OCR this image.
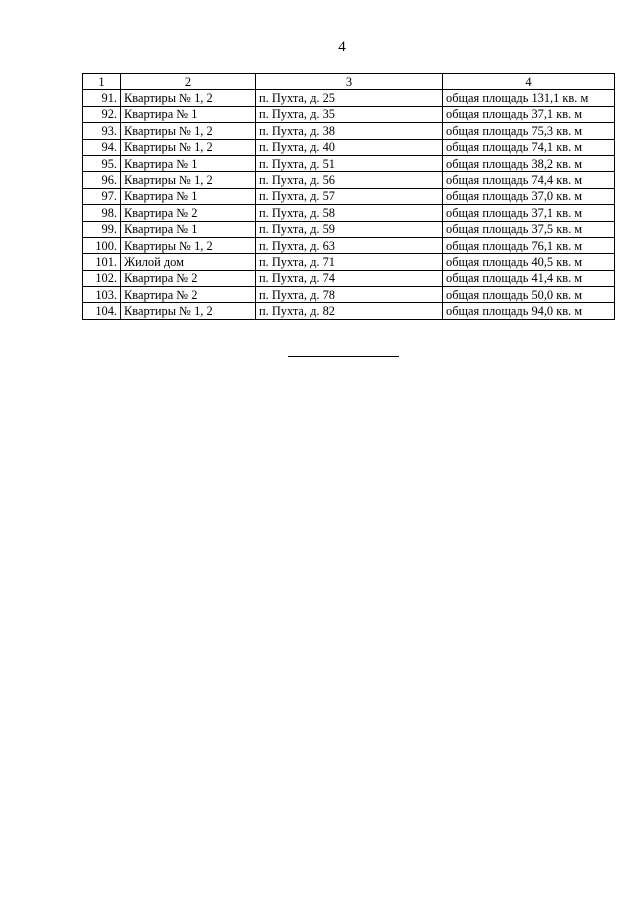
4
1	2	3	4
91.	Квартиры № 1, 2	п. Пухта, д. 25	общая площадь 131,1 кв. м
92.	Квартира № 1	п. Пухта, д. 35	общая площадь 37,1 кв. м
93.	Квартиры № 1, 2	п. Пухта, д. 38	общая площадь 75,3 кв. м
94.	Квартиры № 1, 2	п. Пухта, д. 40	общая площадь 74,1 кв. м
95.	Квартира № 1	п. Пухта, д. 51	общая площадь 38,2 кв. м
96.	Квартиры № 1, 2	п. Пухта, д. 56	общая площадь 74,4 кв. м
97.	Квартира № 1	п. Пухта, д. 57	общая площадь 37,0 кв. м
98.	Квартира № 2	п. Пухта, д. 58	общая площадь 37,1 кв. м
99.	Квартира № 1	п. Пухта, д. 59	общая площадь 37,5 кв. м
100.	Квартиры № 1, 2	п. Пухта, д. 63	общая площадь 76,1 кв. м
101.	Жилой дом	п. Пухта, д. 71	общая площадь 40,5 кв. м
102.	Квартира № 2	п. Пухта, д. 74	общая площадь 41,4 кв. м
103.	Квартира № 2	п. Пухта, д. 78	общая площадь 50,0 кв. м
104.	Квартиры № 1, 2	п. Пухта, д. 82	общая площадь 94,0 кв. м
